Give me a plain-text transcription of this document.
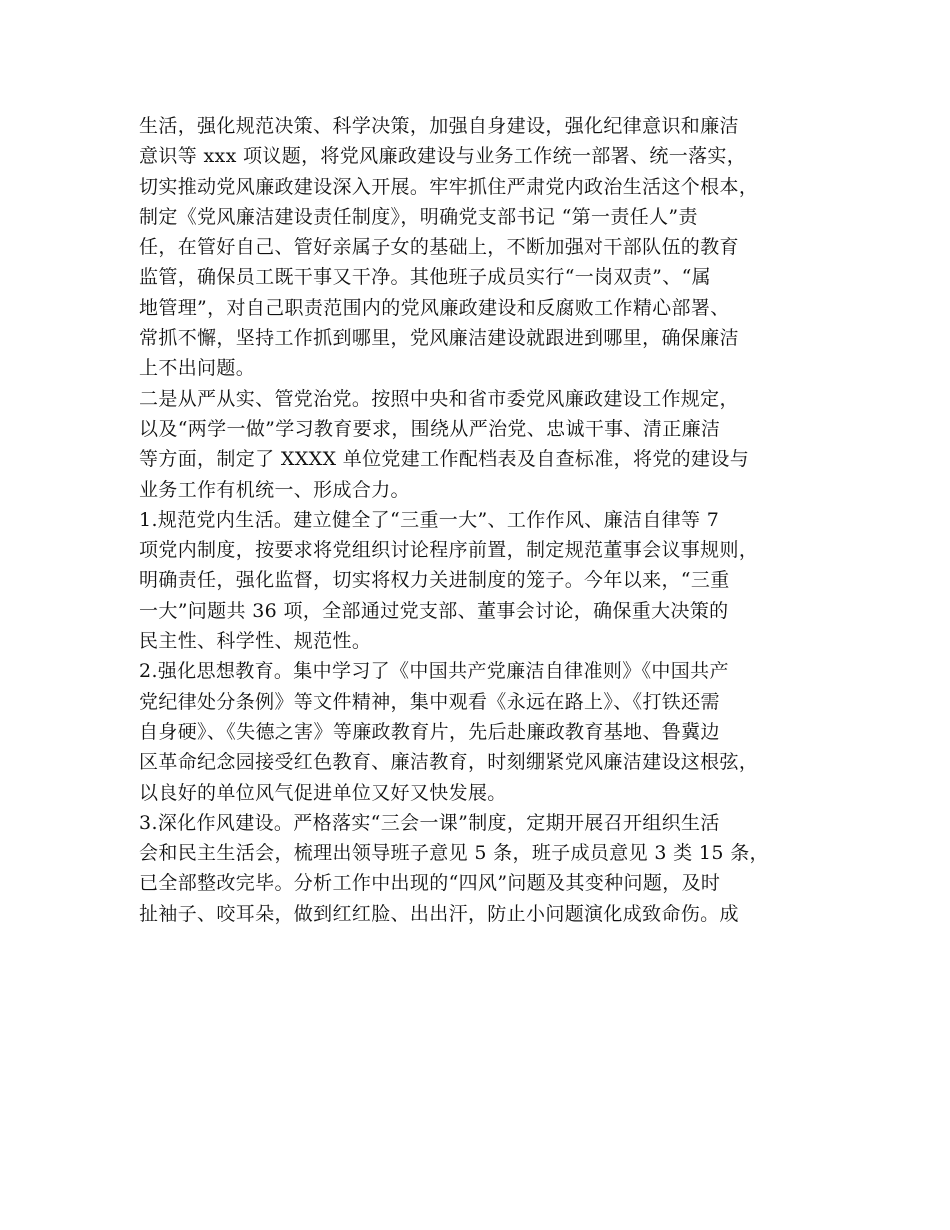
生活，强化规范决策、科学决策，加强自身建设，强化纪律意识和廉洁
意识等 xxx 项议题，将党风廉政建设与业务工作统一部署、统一落实，
切实推动党风廉政建设深入开展。牢牢抓住严肃党内政治生活这个根本，
制定《党风廉洁建设责任制度》，明确党支部书记 “第一责任人”责
任，在管好自己、管好亲属子女的基础上，不断加强对干部队伍的教育
监管，确保员工既干事又干净。其他班子成员实行“一岗双责”、“属
地管理”，对自己职责范围内的党风廉政建设和反腐败工作精心部署、
常抓不懈，坚持工作抓到哪里，党风廉洁建设就跟进到哪里，确保廉洁
上不出问题。
二是从严从实、管党治党。按照中央和省市委党风廉政建设工作规定，
以及“两学一做”学习教育要求，围绕从严治党、忠诚干事、清正廉洁
等方面，制定了 XXXX 单位党建工作配档表及自查标准，将党的建设与
业务工作有机统一、形成合力。
1.规范党内生活。建立健全了“三重一大”、工作作风、廉洁自律等 7
项党内制度，按要求将党组织讨论程序前置，制定规范董事会议事规则，
明确责任，强化监督，切实将权力关进制度的笼子。今年以来，“三重
一大”问题共 36 项，全部通过党支部、董事会讨论，确保重大决策的
民主性、科学性、规范性。
2.强化思想教育。集中学习了《中国共产党廉洁自律准则》《中国共产
党纪律处分条例》等文件精神，集中观看《永远在路上》、《打铁还需
自身硬》、《失德之害》等廉政教育片，先后赴廉政教育基地、鲁冀边
区革命纪念园接受红色教育、廉洁教育，时刻绷紧党风廉洁建设这根弦，
以良好的单位风气促进单位又好又快发展。
3.深化作风建设。严格落实“三会一课”制度，定期开展召开组织生活
会和民主生活会，梳理出领导班子意见 5 条，班子成员意见 3 类 15 条，
已全部整改完毕。分析工作中出现的“四风”问题及其变种问题，及时
扯袖子、咬耳朵，做到红红脸、出出汗，防止小问题演化成致命伤。成
